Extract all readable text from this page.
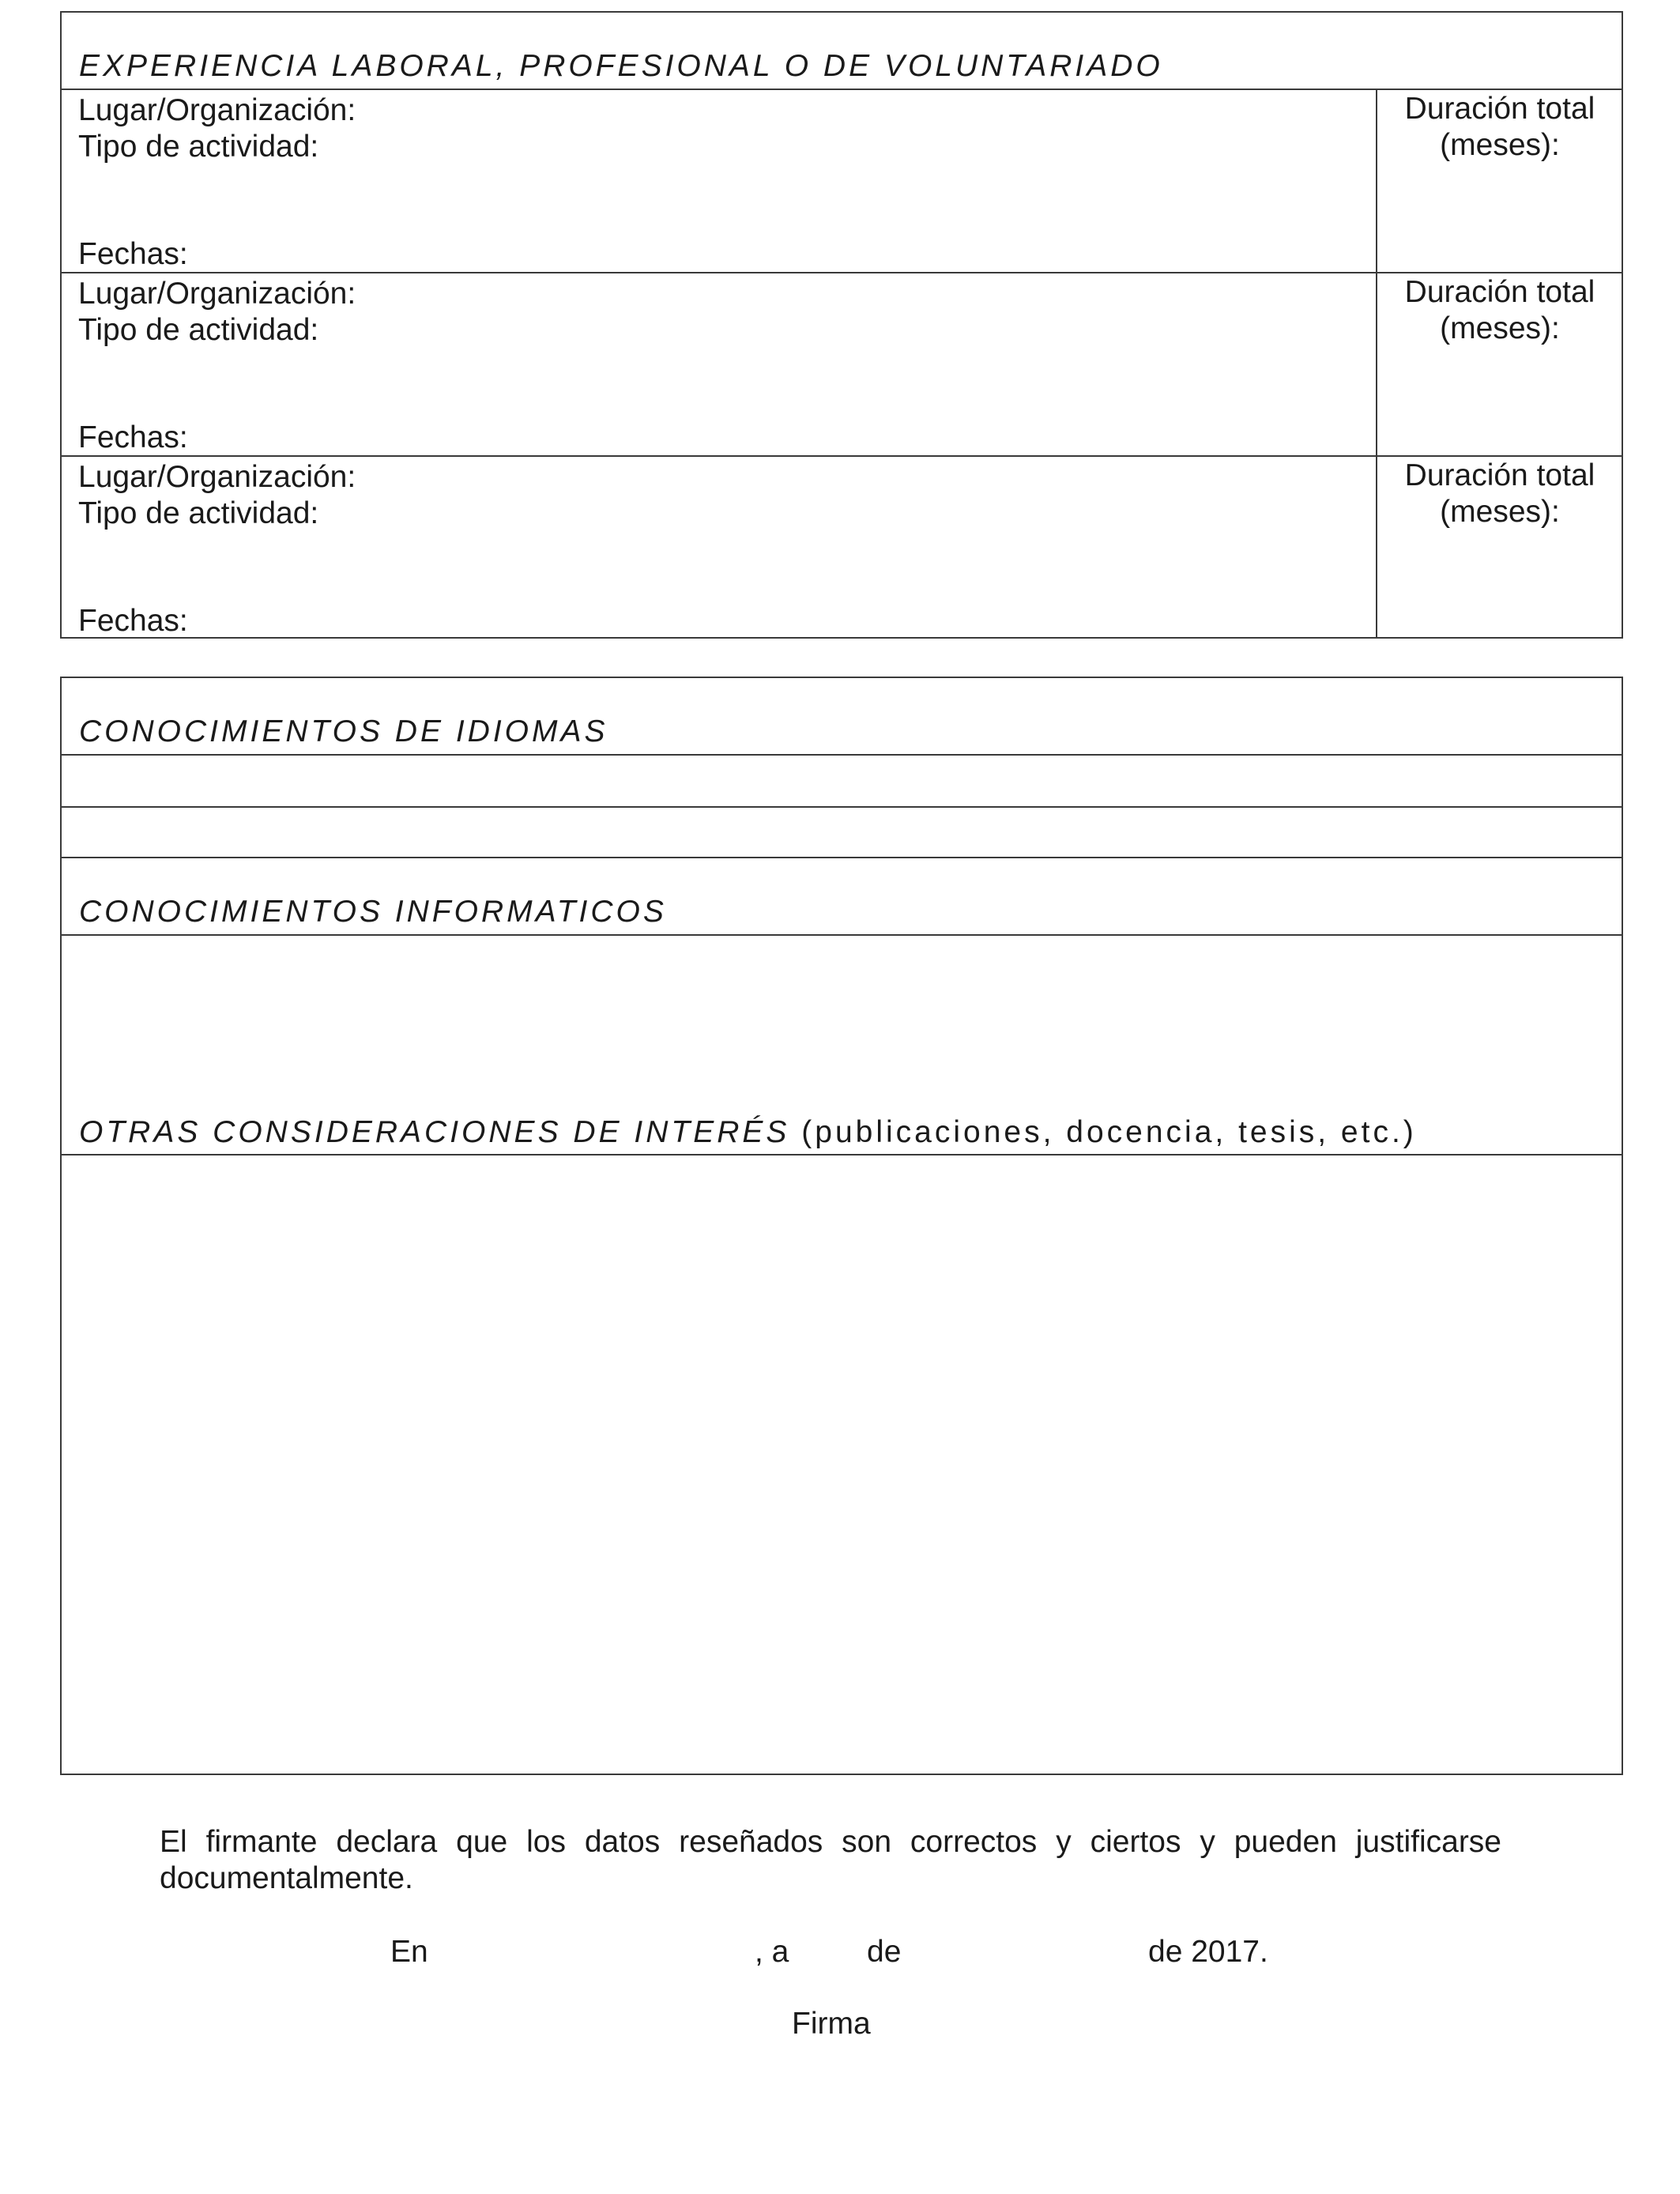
EXPERIENCIA LABORAL, PROFESIONAL O DE VOLUNTARIADO
Lugar/Organización:
Tipo de actividad:
Fechas:
Duración total
(meses):
Lugar/Organización:
Tipo de actividad:
Fechas:
Duración total
(meses):
Lugar/Organización:
Tipo de actividad:
Fechas:
Duración total
(meses):
CONOCIMIENTOS DE IDIOMAS
CONOCIMIENTOS INFORMATICOS
OTRAS CONSIDERACIONES DE INTERÉS (publicaciones, docencia, tesis, etc.)
El firmante declara que los datos reseñados son correctos y ciertos y pueden justificarse documentalmente.
En	, a	de	de 2017.
Firma
